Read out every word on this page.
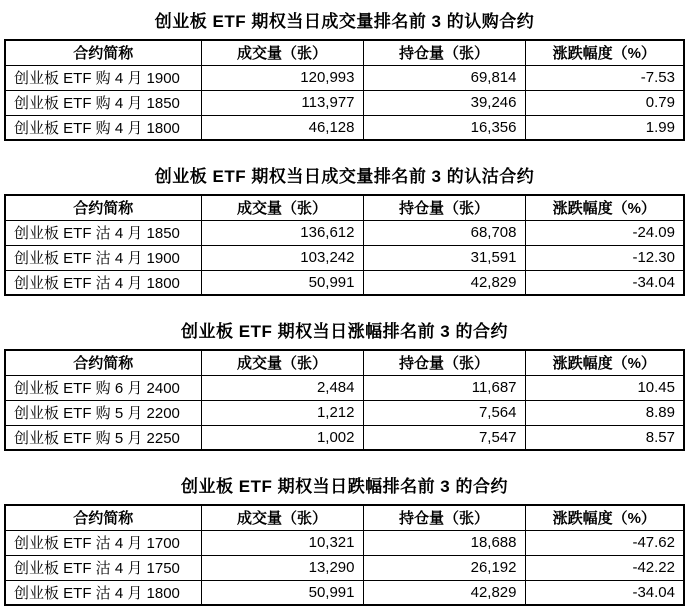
创业板 ETF 期权当日成交量排名前 3 的认购合约
合约简称	成交量（张）	持仓量（张）	涨跌幅度（%）
创业板 ETF 购 4 月 1900	120,993	69,814	-7.53
创业板 ETF 购 4 月 1850	113,977	39,246	0.79
创业板 ETF 购 4 月 1800	46,128	16,356	1.99
创业板 ETF 期权当日成交量排名前 3 的认沽合约
合约简称	成交量（张）	持仓量（张）	涨跌幅度（%）
创业板 ETF 沽 4 月 1850	136,612	68,708	-24.09
创业板 ETF 沽 4 月 1900	103,242	31,591	-12.30
创业板 ETF 沽 4 月 1800	50,991	42,829	-34.04
创业板 ETF 期权当日涨幅排名前 3 的合约
合约简称	成交量（张）	持仓量（张）	涨跌幅度（%）
创业板 ETF 购 6 月 2400	2,484	11,687	10.45
创业板 ETF 购 5 月 2200	1,212	7,564	8.89
创业板 ETF 购 5 月 2250	1,002	7,547	8.57
创业板 ETF 期权当日跌幅排名前 3 的合约
合约简称	成交量（张）	持仓量（张）	涨跌幅度（%）
创业板 ETF 沽 4 月 1700	10,321	18,688	-47.62
创业板 ETF 沽 4 月 1750	13,290	26,192	-42.22
创业板 ETF 沽 4 月 1800	50,991	42,829	-34.04
